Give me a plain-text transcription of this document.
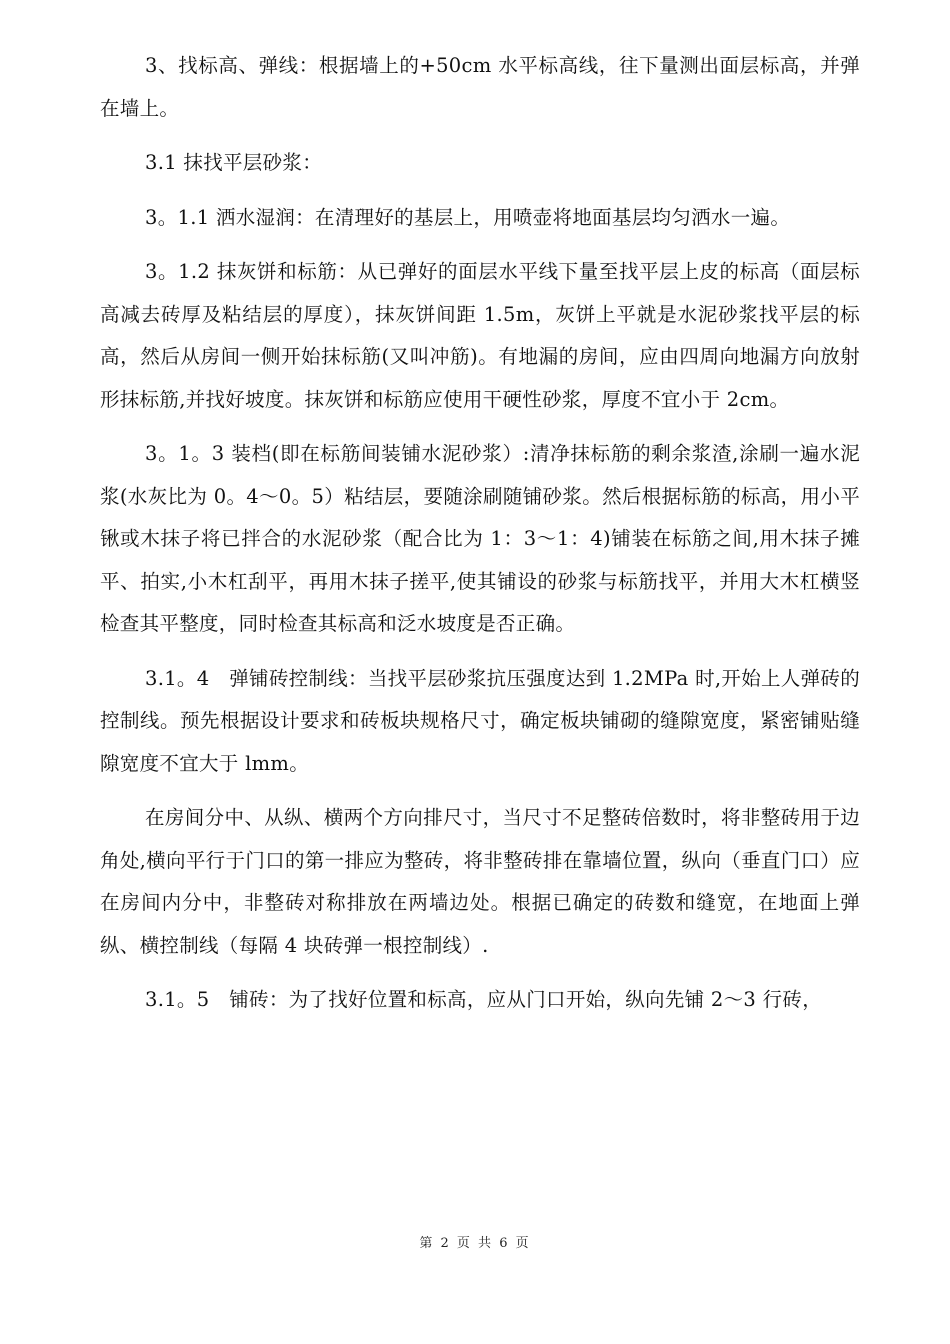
3、找标高、弹线：根据墙上的+50cm 水平标高线，往下量测出面层标高，并弹在墙上。

3.1 抹找平层砂浆：

3。1.1 洒水湿润：在清理好的基层上，用喷壶将地面基层均匀洒水一遍。

3。1.2 抹灰饼和标筋：从已弹好的面层水平线下量至找平层上皮的标高（面层标高减去砖厚及粘结层的厚度），抹灰饼间距 1.5m，灰饼上平就是水泥砂浆找平层的标高，然后从房间一侧开始抹标筋(又叫冲筋)。有地漏的房间，应由四周向地漏方向放射形抹标筋,并找好坡度。抹灰饼和标筋应使用干硬性砂浆，厚度不宜小于 2cm。

3。1。3 装档(即在标筋间装铺水泥砂浆）:清净抹标筋的剩余浆渣,涂刷一遍水泥浆(水灰比为 0。4～0。5）粘结层，要随涂刷随铺砂浆。然后根据标筋的标高，用小平锹或木抹子将已拌合的水泥砂浆（配合比为 1：3～1：4)铺装在标筋之间,用木抹子摊平、拍实,小木杠刮平，再用木抹子搓平,使其铺设的砂浆与标筋找平，并用大木杠横竖检查其平整度，同时检查其标高和泛水坡度是否正确。

3.1。4　弹铺砖控制线：当找平层砂浆抗压强度达到 1.2MPa 时,开始上人弹砖的控制线。预先根据设计要求和砖板块规格尺寸，确定板块铺砌的缝隙宽度，紧密铺贴缝隙宽度不宜大于 lmm。

在房间分中、从纵、横两个方向排尺寸，当尺寸不足整砖倍数时，将非整砖用于边角处,横向平行于门口的第一排应为整砖，将非整砖排在靠墙位置，纵向（垂直门口）应在房间内分中，非整砖对称排放在两墙边处。根据已确定的砖数和缝宽，在地面上弹纵、横控制线（每隔 4 块砖弹一根控制线）.

3.1。5　铺砖：为了找好位置和标高，应从门口开始，纵向先铺 2～3 行砖，

第 2 页 共 6 页
